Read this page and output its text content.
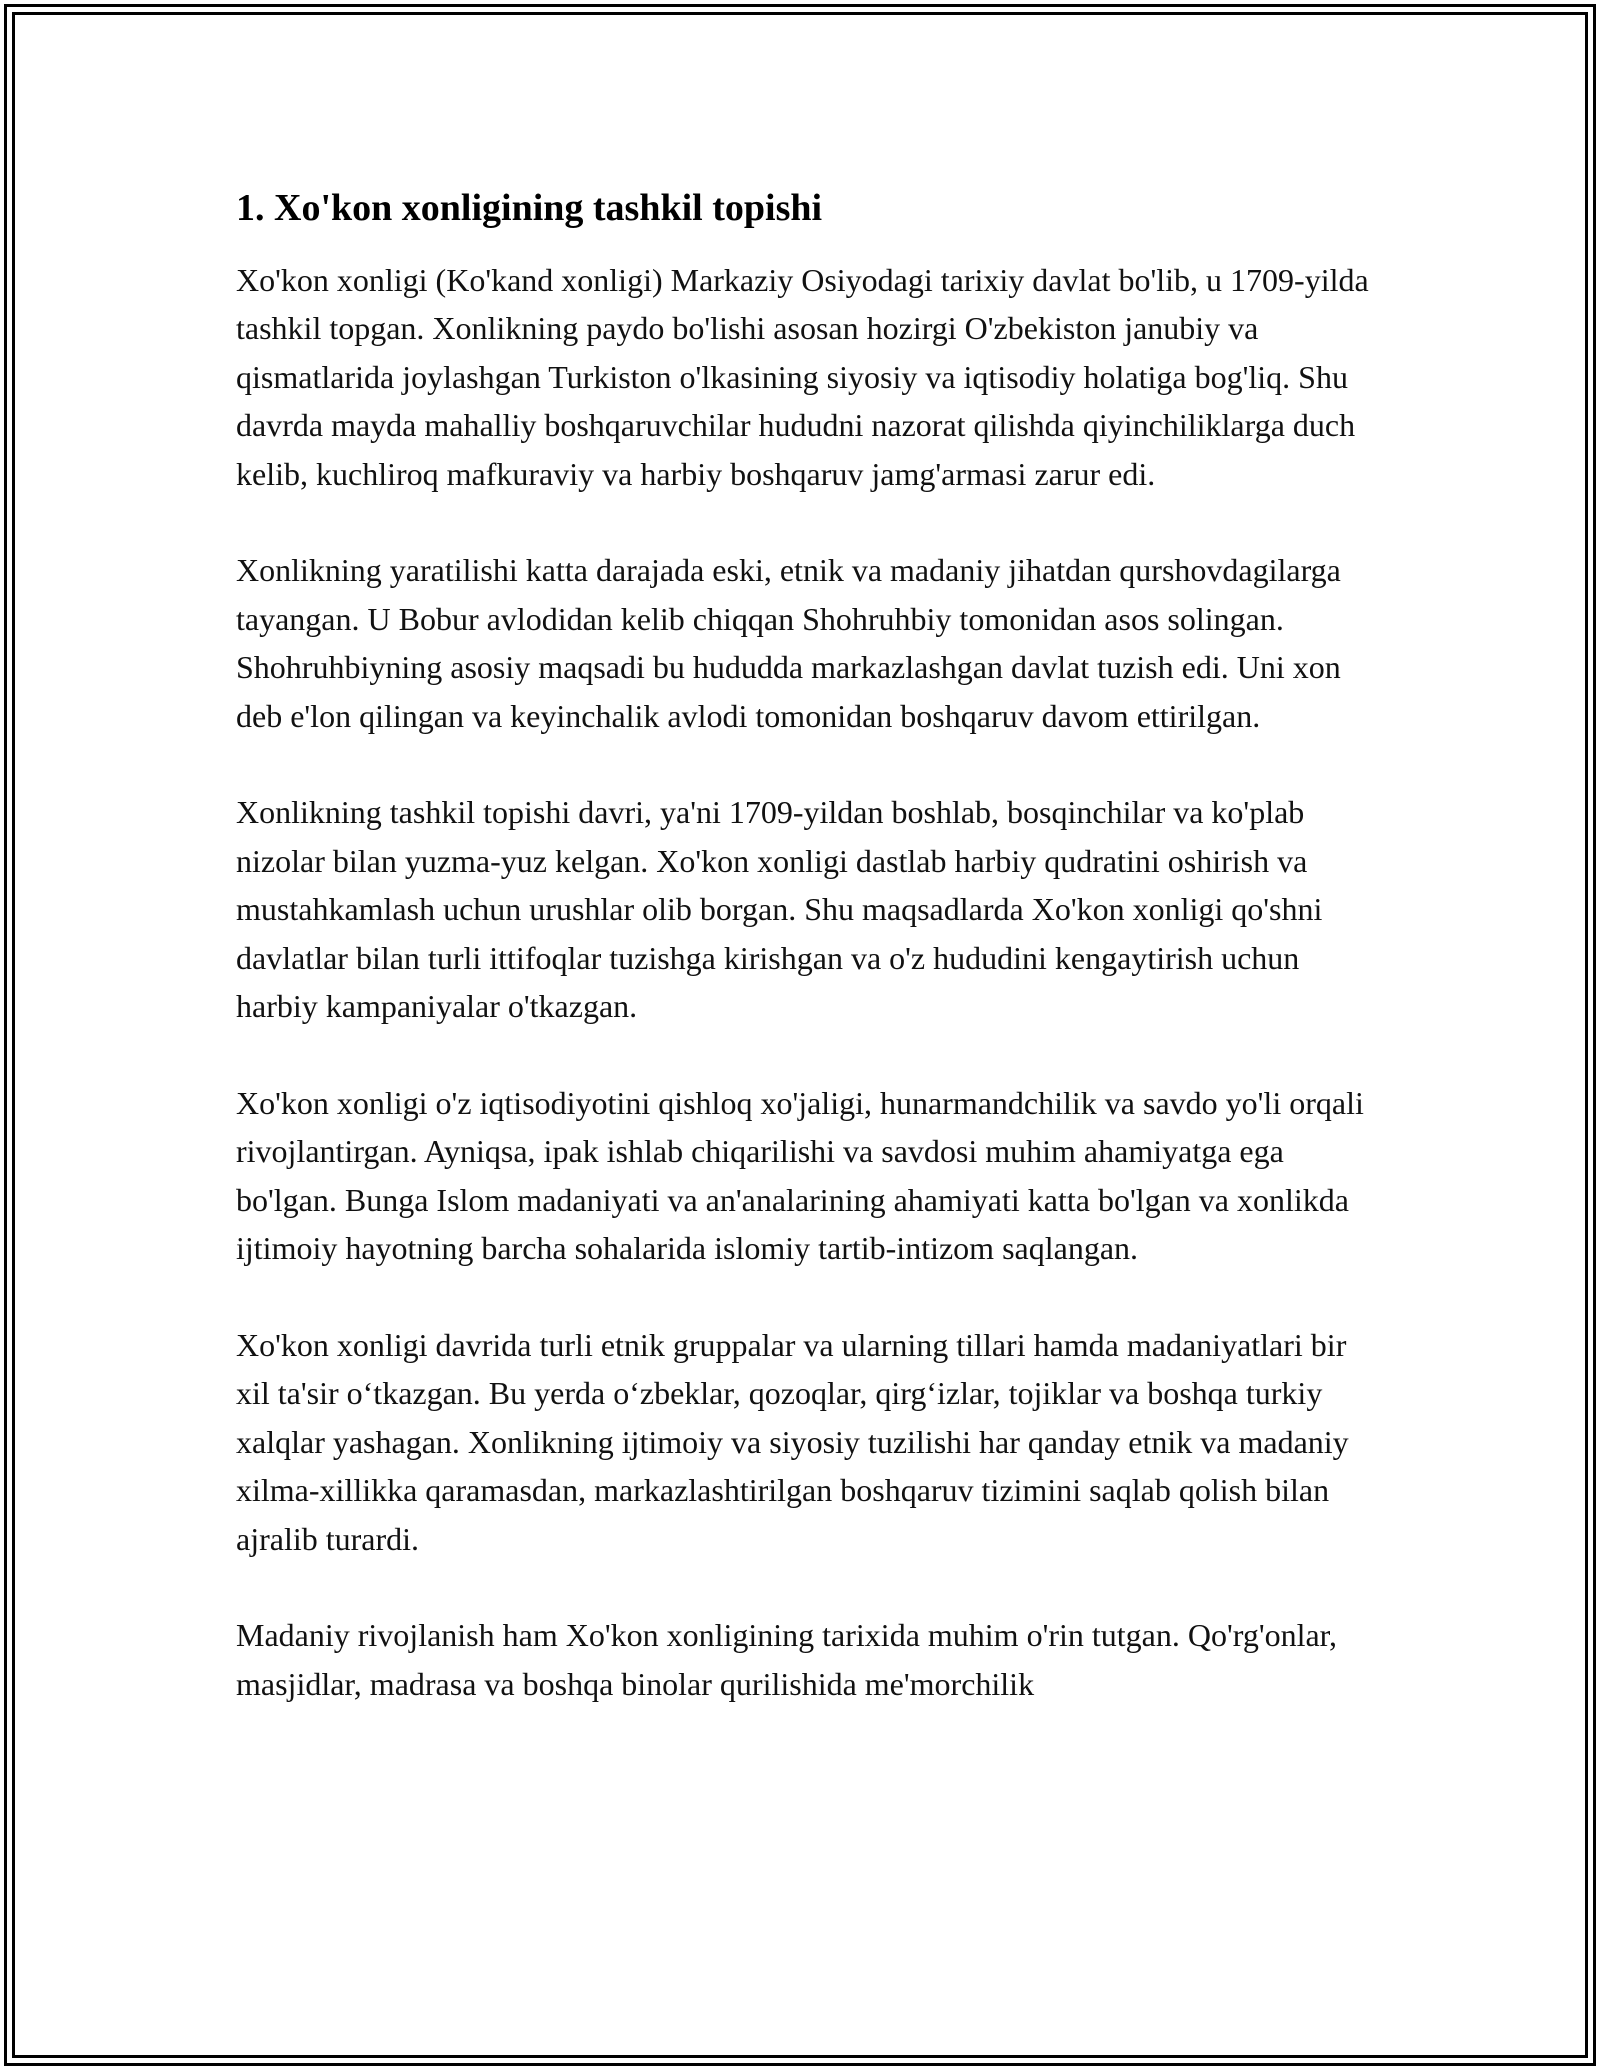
1. Xo'kon xonligining tashkil topishi

Xo'kon xonligi (Ko'kand xonligi) Markaziy Osiyodagi tarixiy davlat bo'lib, u 1709-yilda tashkil topgan. Xonlikning paydo bo'lishi asosan hozirgi O'zbekiston janubiy va qismatlarida joylashgan Turkiston o'lkasining siyosiy va iqtisodiy holatiga bog'liq. Shu davrda mayda mahalliy boshqaruvchilar hududni nazorat qilishda qiyinchiliklarga duch kelib, kuchliroq mafkuraviy va harbiy boshqaruv jamg'armasi zarur edi.

Xonlikning yaratilishi katta darajada eski, etnik va madaniy jihatdan qurshovdagilarga tayangan. U Bobur avlodidan kelib chiqqan Shohruhbiy tomonidan asos solingan. Shohruhbiyning asosiy maqsadi bu hududda markazlashgan davlat tuzish edi. Uni xon deb e'lon qilingan va keyinchalik avlodi tomonidan boshqaruv davom ettirilgan.

Xonlikning tashkil topishi davri, ya'ni 1709-yildan boshlab, bosqinchilar va ko'plab nizolar bilan yuzma-yuz kelgan. Xo'kon xonligi dastlab harbiy qudratini oshirish va mustahkamlash uchun urushlar olib borgan. Shu maqsadlarda Xo'kon xonligi qo'shni davlatlar bilan turli ittifoqlar tuzishga kirishgan va o'z hududini kengaytirish uchun harbiy kampaniyalar o'tkazgan.

Xo'kon xonligi o'z iqtisodiyotini qishloq xo'jaligi, hunarmandchilik va savdo yo'li orqali rivojlantirgan. Ayniqsa, ipak ishlab chiqarilishi va savdosi muhim ahamiyatga ega bo'lgan. Bunga Islom madaniyati va an'analarining ahamiyati katta bo'lgan va xonlikda ijtimoiy hayotning barcha sohalarida islomiy tartib-intizom saqlangan.

Xo'kon xonligi davrida turli etnik gruppalar va ularning tillari hamda madaniyatlari bir xil ta'sir o‘tkazgan. Bu yerda o‘zbeklar, qozoqlar, qirg‘izlar, tojiklar va boshqa turkiy xalqlar yashagan. Xonlikning ijtimoiy va siyosiy tuzilishi har qanday etnik va madaniy xilma-xillikka qaramasdan, markazlashtirilgan boshqaruv tizimini saqlab qolish bilan ajralib turardi.

Madaniy rivojlanish ham Xo'kon xonligining tarixida muhim o'rin tutgan. Qo'rg'onlar, masjidlar, madrasa va boshqa binolar qurilishida me'morchilik
